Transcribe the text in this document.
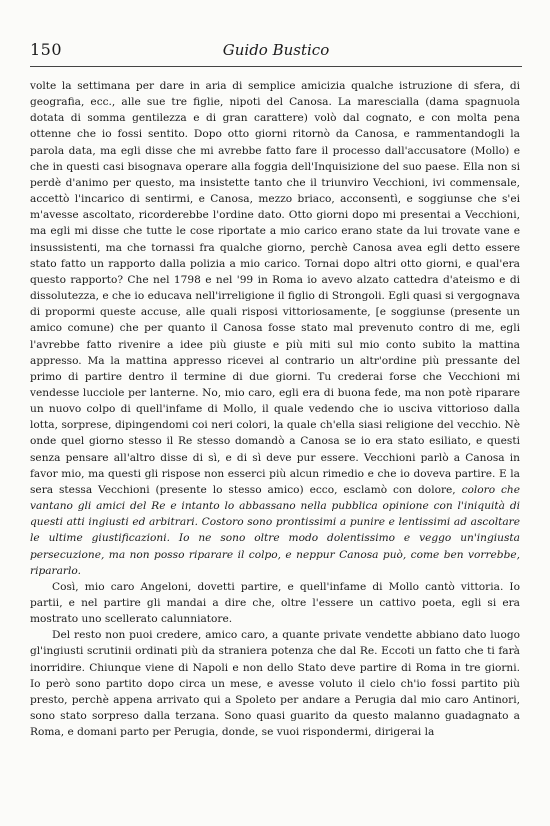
150	Guido Bustico

volte la settimana per dare in aria di semplice amicizia qualche istruzione di sfera, di geografia, ecc., alle sue tre figlie, nipoti del Canosa. La marescialla (dama spagnuola dotata di somma gentilezza e di gran carattere) volò dal cognato, e con molta pena ottenne che io fossi sentito. Dopo otto giorni ritornò da Canosa, e rammentandogli la parola data, ma egli disse che mi avrebbe fatto fare il processo dall'accusatore (Mollo) e che in questi casi bisognava operare alla foggia dell'Inquisizione del suo paese. Ella non si perdè d'animo per questo, ma insistette tanto che il triunviro Vecchioni, ivi commensale, accettò l'incarico di sentirmi, e Canosa, mezzo briaco, acconsentì, e soggiunse che s'ei m'avesse ascoltato, ricorderebbe l'ordine dato. Otto giorni dopo mi presentai a Vecchioni, ma egli mi disse che tutte le cose riportate a mio carico erano state da lui trovate vane e insussistenti, ma che tornassi fra qualche giorno, perchè Canosa avea egli detto essere stato fatto un rapporto dalla polizia a mio carico. Tornai dopo altri otto giorni, e qual'era questo rapporto? Che nel 1798 e nel '99 in Roma io avevo alzato cattedra d'ateismo e di dissolutezza, e che io educava nell'irreligione il figlio di Strongoli. Egli quasi si vergognava di propormi queste accuse, alle quali risposi vittoriosamente, [e soggiunse (presente un amico comune) che per quanto il Canosa fosse stato mal prevenuto contro di me, egli l'avrebbe fatto rivenire a idee più giuste e più miti sul mio conto subito la mattina appresso. Ma la mattina appresso ricevei al contrario un altr'ordine più pressante del primo di partire dentro il termine di due giorni. Tu crederai forse che Vecchioni mi vendesse lucciole per lanterne. No, mio caro, egli era di buona fede, ma non potè riparare un nuovo colpo di quell'infame di Mollo, il quale vedendo che io usciva vittorioso dalla lotta, sorprese, dipingendomi coi neri colori, la quale ch'ella siasi religione del vecchio. Nè onde quel giorno stesso il Re stesso domandò a Canosa se io era stato esiliato, e questi senza pensare all'altro disse di sì, e di sì deve pur essere. Vecchioni parlò a Canosa in favor mio, ma questi gli rispose non esserci più alcun rimedio e che io doveva partire. E la sera stessa Vecchioni (presente lo stesso amico) ecco, esclamò con dolore, coloro che vantano gli amici del Re e intanto lo abbassano nella pubblica opinione con l'iniquità di questi atti ingiusti ed arbitrari. Costoro sono prontissimi a punire e lentissimi ad ascoltare le ultime giustificazioni. Io ne sono oltre modo dolentissimo e veggo un'ingiusta persecuzione, ma non posso riparare il colpo, e neppur Canosa può, come ben vorrebbe, ripararlo.

Così, mio caro Angeloni, dovetti partire, e quell'infame di Mollo cantò vittoria. Io partii, e nel partire gli mandai a dire che, oltre l'essere un cattivo poeta, egli si era mostrato uno scellerato calunniatore.

Del resto non puoi credere, amico caro, a quante private vendette abbiano dato luogo gl'ingiusti scrutinii ordinati più da straniera potenza che dal Re. Eccoti un fatto che ti farà inorridire. Chiunque viene di Napoli e non dello Stato deve partire di Roma in tre giorni. Io però sono partito dopo circa un mese, e avesse voluto il cielo ch'io fossi partito più presto, perchè appena arrivato qui a Spoleto per andare a Perugia dal mio caro Antinori, sono stato sorpreso dalla terzana. Sono quasi guarito da questo malanno guadagnato a Roma, e domani parto per Perugia, donde, se vuoi rispondermi, dirigerai la
